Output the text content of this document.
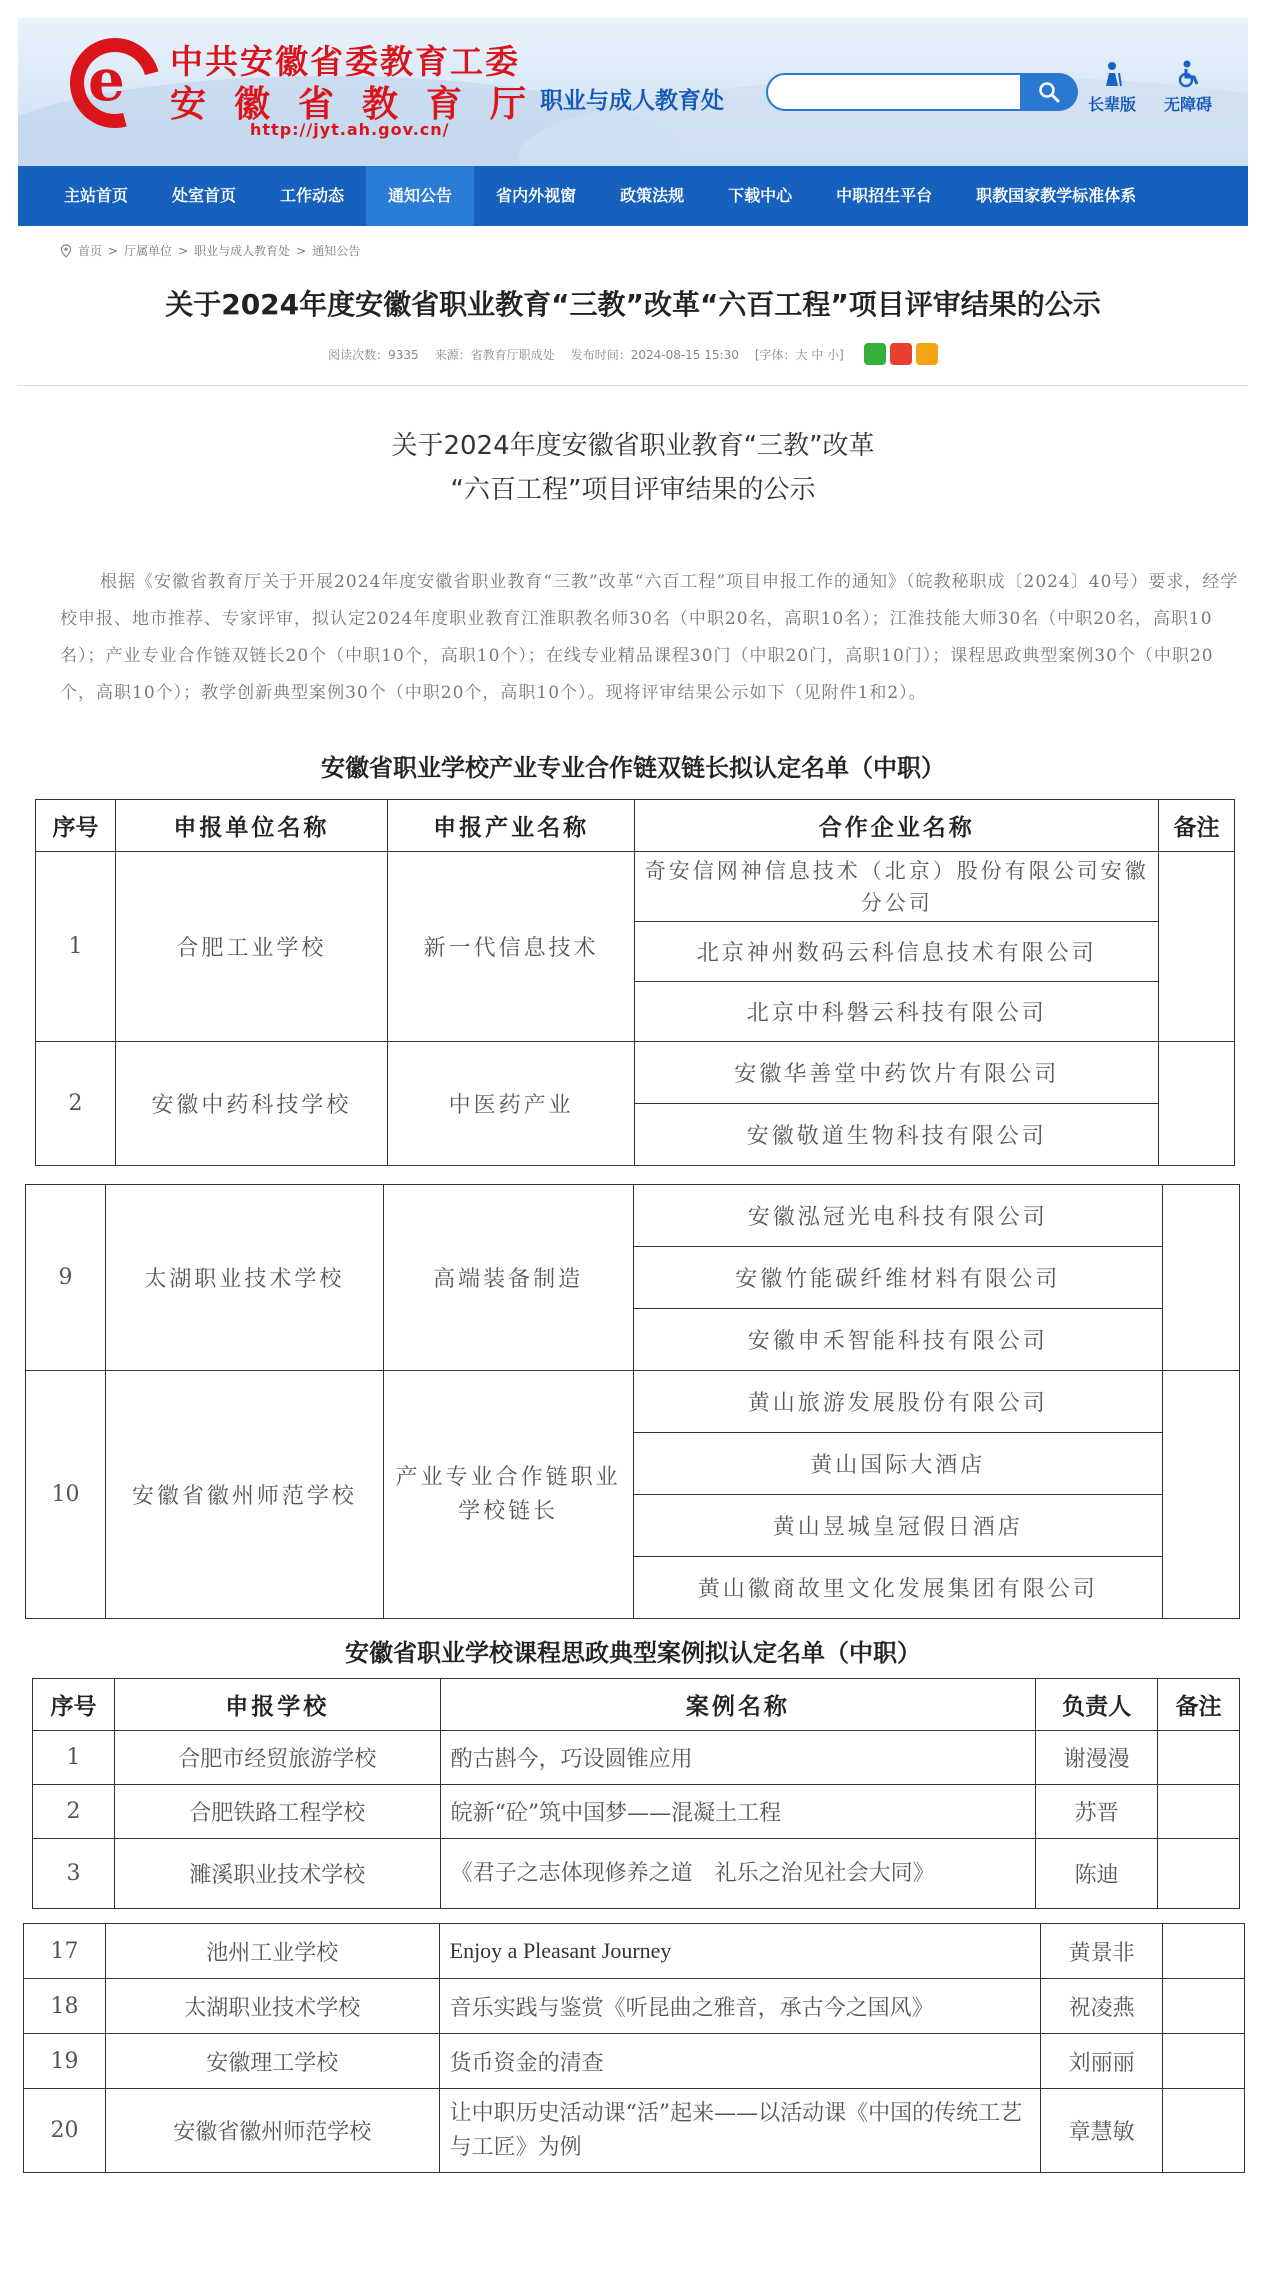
e 中共安徽省委教育工委
安徽省教育厅
职业与成人教育处
http://jyt.ah.gov.cn/
长辈版 无障碍
主站首页	处室首页	工作动态	通知公告	省内外视窗	政策法规	下载中心	中职招生平台	职教国家教学标准体系
首页 > 厅属单位 > 职业与成人教育处 > 通知公告
关于2024年度安徽省职业教育“三教”改革“六百工程”项目评审结果的公示
阅读次数：9335 来源：省教育厅职成处 发布时间：2024-08-15 15:30 [字体：大 中 小]
关于2024年度安徽省职业教育“三教”改革
“六百工程”项目评审结果的公示

根据《安徽省教育厅关于开展2024年度安徽省职业教育“三教”改革“六百工程”项目申报工作的通知》（皖教秘职成〔2024〕40号）要求，经学校申报、地市推荐、专家评审，拟认定2024年度职业教育江淮职教名师30名（中职20名，高职10名）；江淮技能大师30名（中职20名，高职10名）；产业专业合作链双链长20个（中职10个，高职10个）；在线专业精品课程30门（中职20门，高职10门）；课程思政典型案例30个（中职20个，高职10个）；教学创新典型案例30个（中职20个，高职10个）。现将评审结果公示如下（见附件1和2）。

安徽省职业学校产业专业合作链双链长拟认定名单（中职）
序号	申报单位名称	申报产业名称	合作企业名称	备注
1	合肥工业学校	新一代信息技术	奇安信网神信息技术（北京）股份有限公司安徽分公司	
			北京神州数码云科信息技术有限公司	
			北京中科磐云科技有限公司	
2	安徽中药科技学校	中医药产业	安徽华善堂中药饮片有限公司	
			安徽敬道生物科技有限公司	
9	太湖职业技术学校	高端装备制造	安徽泓冠光电科技有限公司	
			安徽竹能碳纤维材料有限公司	
			安徽申禾智能科技有限公司	
10	安徽省徽州师范学校	产业专业合作链职业学校链长	黄山旅游发展股份有限公司	
			黄山国际大酒店	
			黄山昱城皇冠假日酒店	
			黄山徽商故里文化发展集团有限公司	
安徽省职业学校课程思政典型案例拟认定名单（中职）
序号	申报学校	案例名称	负责人	备注
1	合肥市经贸旅游学校	酌古斟今，巧设圆锥应用	谢漫漫	
2	合肥铁路工程学校	皖新“砼”筑中国梦——混凝土工程	苏晋	
3	濉溪职业技术学校	《君子之志体现修养之道　礼乐之治见社会大同》	陈迪	
17	池州工业学校	Enjoy a Pleasant Journey	黄景非	
18	太湖职业技术学校	音乐实践与鉴赏《听昆曲之雅音，承古今之国风》	祝凌燕	
19	安徽理工学校	货币资金的清查	刘丽丽	
20	安徽省徽州师范学校	让中职历史活动课“活”起来——以活动课《中国的传统工艺与工匠》为例	章慧敏	
